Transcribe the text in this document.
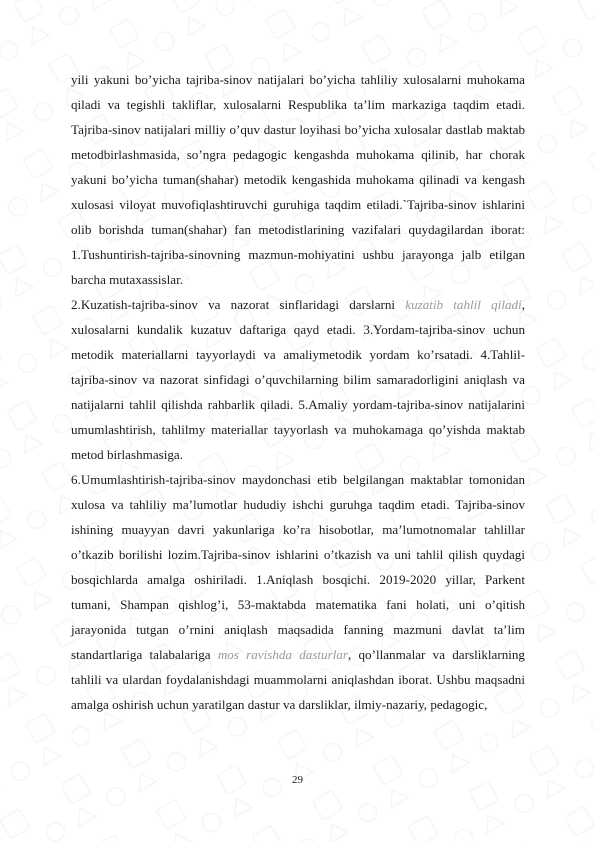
yili yakuni bo’yicha tajriba-sinov natijalari bo’yicha tahliliy xulosalarni muhokama qiladi va tegishli takliflar, xulosalarni Respublika ta’lim markaziga taqdim etadi. Tajriba-sinov natijalari milliy o’quv dastur loyihasi bo’yicha xulosalar dastlab maktab metodbirlashmasida, so’ngra pedagogic kengashda muhokama qilinib, har chorak yakuni bo’yicha tuman(shahar) metodik kengashida muhokama qilinadi va kengash xulosasi viloyat muvofiqlashtiruvchi guruhiga taqdim etiladi.`Tajriba-sinov ishlarini olib borishda tuman(shahar) fan metodistlarining vazifalari quydagilardan iborat: 1.Tushuntirish-tajriba-sinovning mazmun-mohiyatini ushbu jarayonga jalb etilgan barcha mutaxassislar.

2.Kuzatish-tajriba-sinov va nazorat sinflaridagi darslarni kuzatib tahlil qiladi, xulosalarni kundalik kuzatuv daftariga qayd etadi. 3.Yordam-tajriba-sinov uchun metodik materiallarni tayyorlaydi va amaliymetodik yordam ko’rsatadi. 4.Tahlil-tajriba-sinov va nazorat sinfidagi o’quvchilarning bilim samaradorligini aniqlash va natijalarni tahlil qilishda rahbarlik qiladi. 5.Amaliy yordam-tajriba-sinov natijalarini umumlashtirish, tahlilmy materiallar tayyorlash va muhokamaga qo’yishda maktab metod birlashmasiga.

6.Umumlashtirish-tajriba-sinov maydonchasi etib belgilangan maktablar tomonidan xulosa va tahliliy ma’lumotlar hududiy ishchi guruhga taqdim etadi. Tajriba-sinov ishining muayyan davri yakunlariga ko’ra hisobotlar, ma’lumotnomalar tahlillar o’tkazib borilishi lozim.Tajriba-sinov ishlarini o’tkazish va uni tahlil qilish quydagi bosqichlarda amalga oshiriladi. 1.Aniqlash bosqichi. 2019-2020 yillar, Parkent tumani, Shampan qishlog’i, 53-maktabda matematika fani holati, uni o’qitish jarayonida tutgan o’rnini aniqlash maqsadida fanning mazmuni davlat ta’lim standartlariga talabalariga mos ravishda dasturlar, qo’llanmalar va darsliklarning tahlili va ulardan foydalanishdagi muammolarni aniqlashdan iborat. Ushbu maqsadni amalga oshirish uchun yaratilgan dastur va darsliklar, ilmiy-nazariy, pedagogic,

29
